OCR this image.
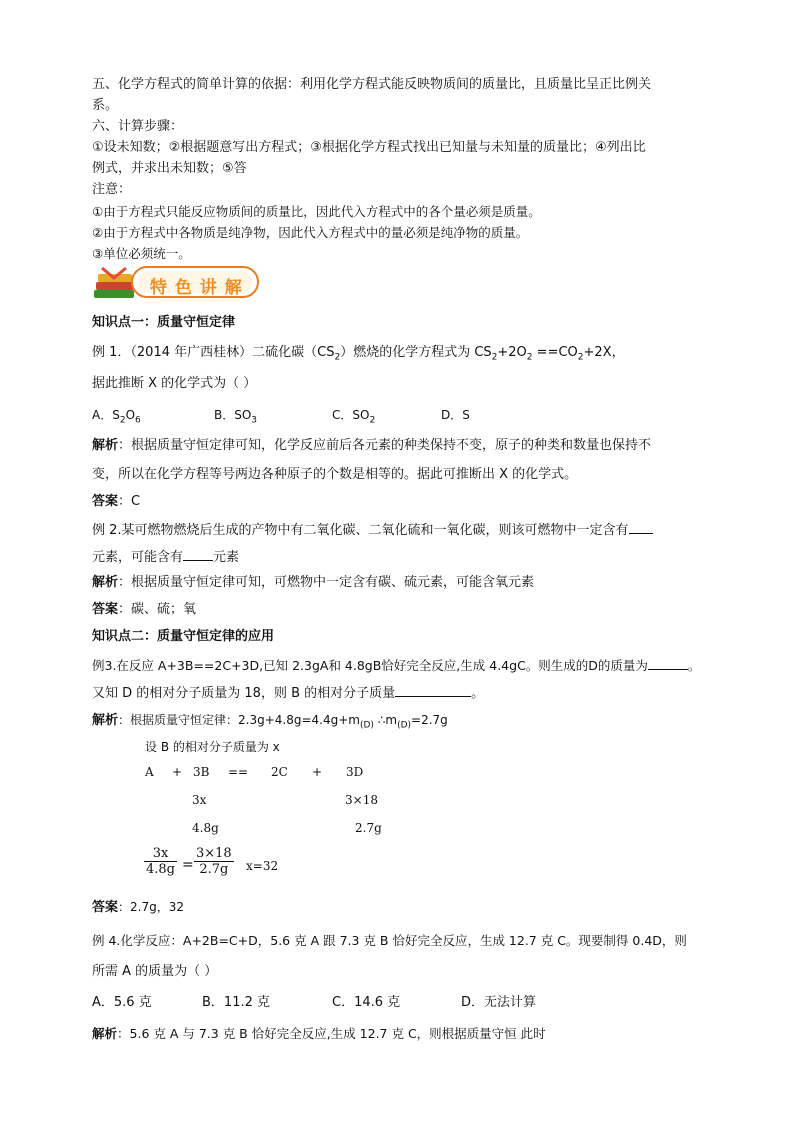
五、化学方程式的简单计算的依据：利用化学方程式能反映物质间的质量比，且质量比呈正比例关
系。
六、计算步骤：
①设未知数；②根据题意写出方程式；③根据化学方程式找出已知量与未知量的质量比；④列出比
例式，并求出未知数；⑤答
注意：
①由于方程式只能反应物质间的质量比，因此代入方程式中的各个量必须是质量。
②由于方程式中各物质是纯净物，因此代入方程式中的量必须是纯净物的质量。
③单位必须统一。
特 色 讲 解
知识点一：质量守恒定律
例 1．（2014 年广西桂林）二硫化碳$(CS_2)$燃烧的化学方程式为 $CS_2+2O_2 ==CO_2+2X$，
据此推断 X 的化学式为（ ）
A．$S_2O_6$	B．$SO_3$	C．$SO_2$	D．S
解析：根据质量守恒定律可知，化学反应前后各元素的种类保持不变，原子的种类和数量也保持不
变，所以在化学方程等号两边各种原子的个数是相等的。据此可推断出 X 的化学式。
答案：C
例 2.某可燃物燃烧后生成的产物中有二氧化碳、二氧化硫和一氧化碳，则该可燃物中一定含有
元素，可能含有 元素
解析：根据质量守恒定律可知，可燃物中一定含有碳、硫元素，可能含氧元素
答案：碳、硫；氧
知识点二：质量守恒定律的应用
例3.在反应 A+3B==2C+3D,已知 2.3gA和 4.8gB恰好完全反应,生成 4.4gC。则生成的D的质量为	。
又知 D 的相对分子质量为 18，则 B 的相对分子质量	。
解析：根据质量守恒定律：$2.3g+4.8g=4.4g+m_{(D)}$ $\therefore m_{(D)}=2.7g$
设 B 的相对分子质量为 x
A + 3B == 2C + 3D
3x	3×18
4.8g	2.7g
$\frac{3x}{4.8g} = \frac{3\times 18}{2.7g} x=32$
答案：2.7g，32
例 4.化学反应：A+2B=C+D，5.6 克 A 跟 7.3 克 B 恰好完全反应，生成 12.7 克 C。现要制得 0.4D，则
所需 A 的质量为（ ）
A．5.6 克	B．11.2 克	C．14.6 克	D．无法计算
解析：5.6 克 A 与 7.3 克 B 恰好完全反应,生成 12.7 克 C，则根据质量守恒 此时
